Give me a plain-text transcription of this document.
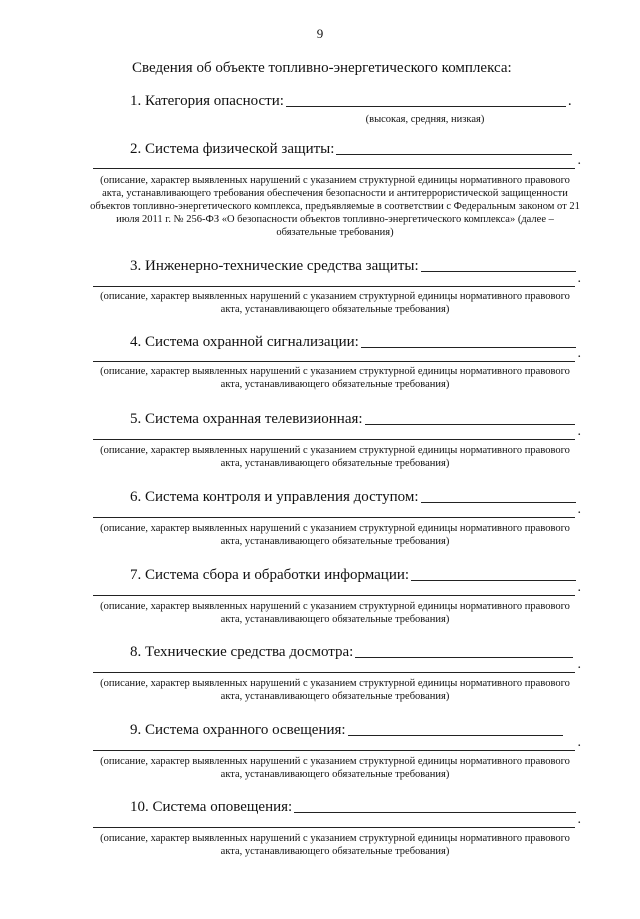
9
Сведения об объекте топливно-энергетического комплекса:
1. Категория опасности:	.
(высокая, средняя, низкая)
2. Система физической защиты:
.
(описание, характер выявленных нарушений с указанием структурной единицы нормативного правового акта, устанавливающего требования обеспечения безопасности и антитеррористической защищенности объектов топливно-энергетического комплекса, предъявляемые в соответствии с Федеральным законом от 21 июля 2011 г. № 256-ФЗ «О безопасности объектов топливно-энергетического комплекса» (далее – обязательные требования)
3. Инженерно-технические средства защиты:
.
(описание, характер выявленных нарушений с указанием структурной единицы нормативного правового акта, устанавливающего обязательные требования)
4. Система охранной сигнализации:
.
(описание, характер выявленных нарушений с указанием структурной единицы нормативного правового акта, устанавливающего обязательные требования)
5. Система охранная телевизионная:
.
(описание, характер выявленных нарушений с указанием структурной единицы нормативного правового акта, устанавливающего обязательные требования)
6. Система контроля и управления доступом:
.
(описание, характер выявленных нарушений с указанием структурной единицы нормативного правового акта, устанавливающего обязательные требования)
7. Система сбора и обработки информации:
.
(описание, характер выявленных нарушений с указанием структурной единицы нормативного правового акта, устанавливающего обязательные требования)
8. Технические средства досмотра:
.
(описание, характер выявленных нарушений с указанием структурной единицы нормативного правового акта, устанавливающего обязательные требования)
9. Система охранного освещения:
.
(описание, характер выявленных нарушений с указанием структурной единицы нормативного правового акта, устанавливающего обязательные требования)
10. Система оповещения:
.
(описание, характер выявленных нарушений с указанием структурной единицы нормативного правового акта, устанавливающего обязательные требования)
